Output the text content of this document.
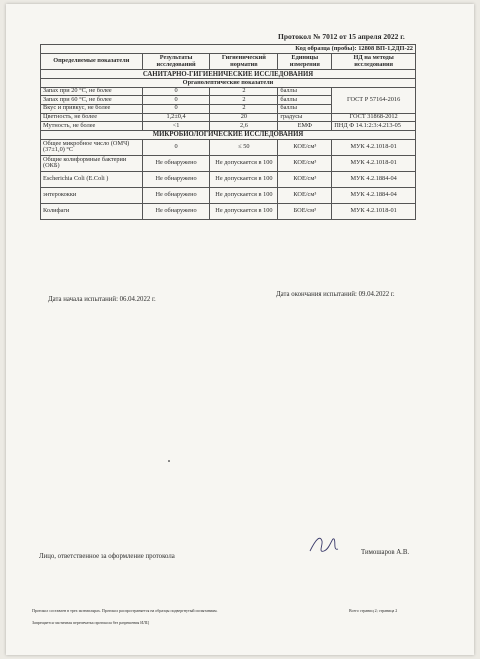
Протокол № 7012 от 15 апреля 2022 г.
Код образца (пробы): 12808 ВП-1,2ДП-22				
Определяемые показатели	Результаты исследований	Гигиенический норматив	Единицы измерения	НД на методы исследования
САНИТАРНО-ГИГИЕНИЧЕСКИЕ ИССЛЕДОВАНИЯ				
Органолептические показатели				
Запах при 20 °С, не более	0	2	баллы	ГОСТ Р 57164-2016
Запах при 60 °С, не более	0	2	баллы	
Вкус и привкус, не более	0	2	баллы	
Цветность, не более	1,2±0,4	20	градусы	ГОСТ 31868-2012
Мутность, не более	<1	2,6	ЕМФ	ПНД Ф 14.1:2:3:4.213-05
МИКРОБИОЛОГИЧЕСКИЕ ИССЛЕДОВАНИЯ				
Общее микробное число (ОМЧ) (37±1,0) °С	0	≤ 50	КОЕ/см³	МУК 4.2.1018-01
Общие колиформные бактерии (ОКБ)	Не обнаружено	Не допускается в 100	КОЕ/см³	МУК 4.2.1018-01
Escherichia Coli (E.Coli )	Не обнаружено	Не допускается в 100	КОЕ/см³	МУК 4.2.1884-04
энтерококки	Не обнаружено	Не допускается в 100	КОЕ/см³	МУК 4.2.1884-04
Колифаги	Не обнаружено	Не допускается в 100	БОЕ/см³	МУК 4.2.1018-01
Дата начала испытаний: 06.04.2022 г.
Дата окончания испытаний: 09.04.2022 г.
Лицо, ответственное за оформление протокола
Тимошаров А.В.
Протокол составлен в трех экземплярах. Протокол распространяется на образцы подвергнутый испытаниям.
Запрещается частичная перепечатка протокола без разрешения ИЛЦ
Всего страниц 2; страница 2
